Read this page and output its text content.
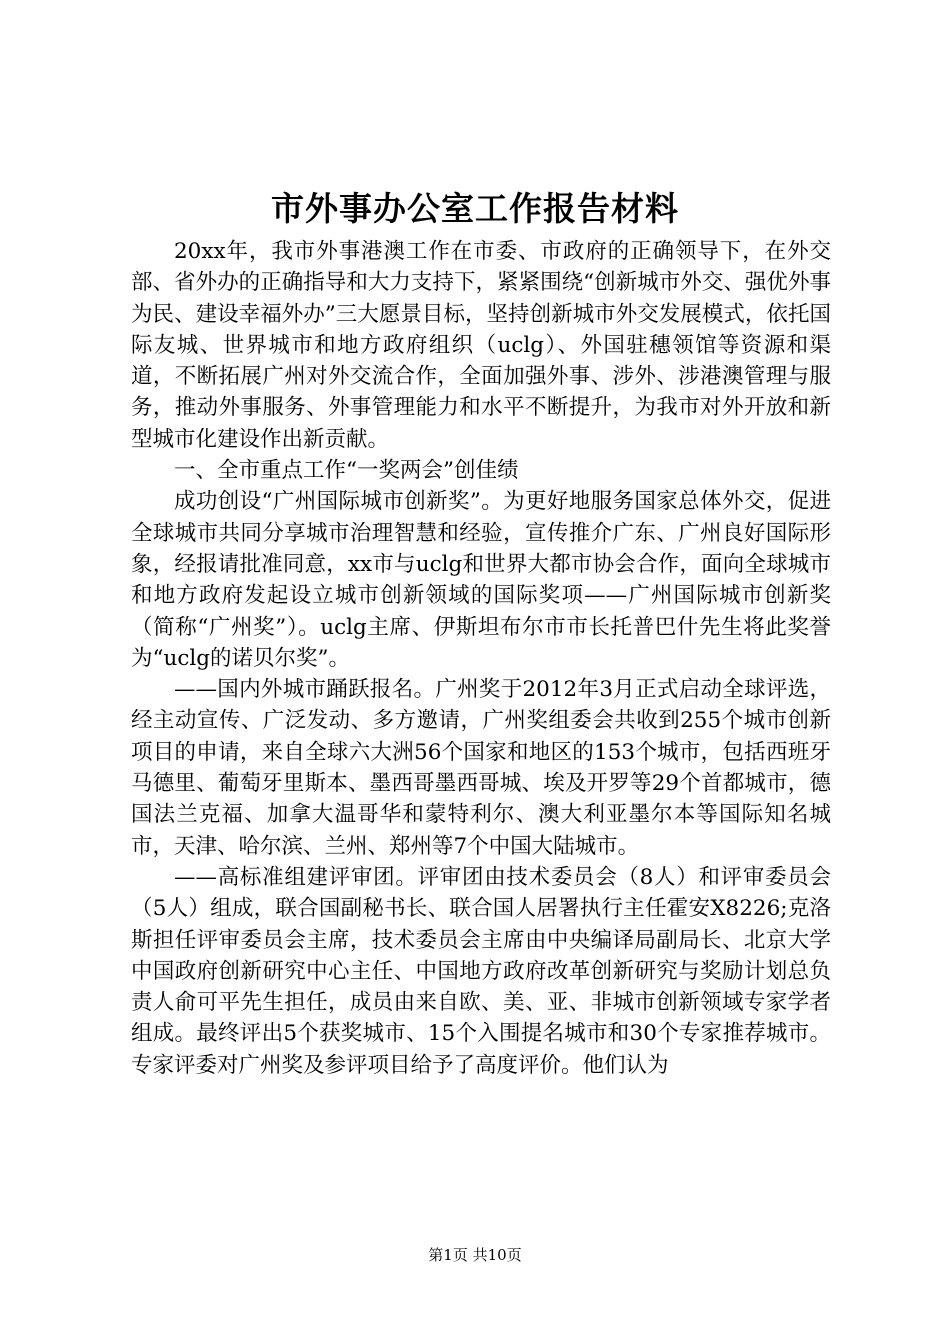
市外事办公室工作报告材料

20xx年，我市外事港澳工作在市委、市政府的正确领导下，在外交部、省外办的正确指导和大力支持下，紧紧围绕“创新城市外交、强优外事为民、建设幸福外办”三大愿景目标，坚持创新城市外交发展模式，依托国际友城、世界城市和地方政府组织（uclg）、外国驻穗领馆等资源和渠道，不断拓展广州对外交流合作，全面加强外事、涉外、涉港澳管理与服务，推动外事服务、外事管理能力和水平不断提升，为我市对外开放和新型城市化建设作出新贡献。

一、全市重点工作“一奖两会”创佳绩

成功创设“广州国际城市创新奖”。为更好地服务国家总体外交，促进全球城市共同分享城市治理智慧和经验，宣传推介广东、广州良好国际形象，经报请批准同意，xx市与uclg和世界大都市协会合作，面向全球城市和地方政府发起设立城市创新领域的国际奖项——广州国际城市创新奖（简称“广州奖”）。uclg主席、伊斯坦布尔市市长托普巴什先生将此奖誉为“uclg的诺贝尔奖”。

——国内外城市踊跃报名。广州奖于2012年3月正式启动全球评选，经主动宣传、广泛发动、多方邀请，广州奖组委会共收到255个城市创新项目的申请，来自全球六大洲56个国家和地区的153个城市，包括西班牙马德里、葡萄牙里斯本、墨西哥墨西哥城、埃及开罗等29个首都城市，德国法兰克福、加拿大温哥华和蒙特利尔、澳大利亚墨尔本等国际知名城市，天津、哈尔滨、兰州、郑州等7个中国大陆城市。

——高标准组建评审团。评审团由技术委员会（8人）和评审委员会（5人）组成，联合国副秘书长、联合国人居署执行主任霍安X8226;克洛斯担任评审委员会主席，技术委员会主席由中央编译局副局长、北京大学中国政府创新研究中心主任、中国地方政府改革创新研究与奖励计划总负责人俞可平先生担任，成员由来自欧、美、亚、非城市创新领域专家学者组成。最终评出5个获奖城市、15个入围提名城市和30个专家推荐城市。专家评委对广州奖及参评项目给予了高度评价。他们认为

第1页 共10页
